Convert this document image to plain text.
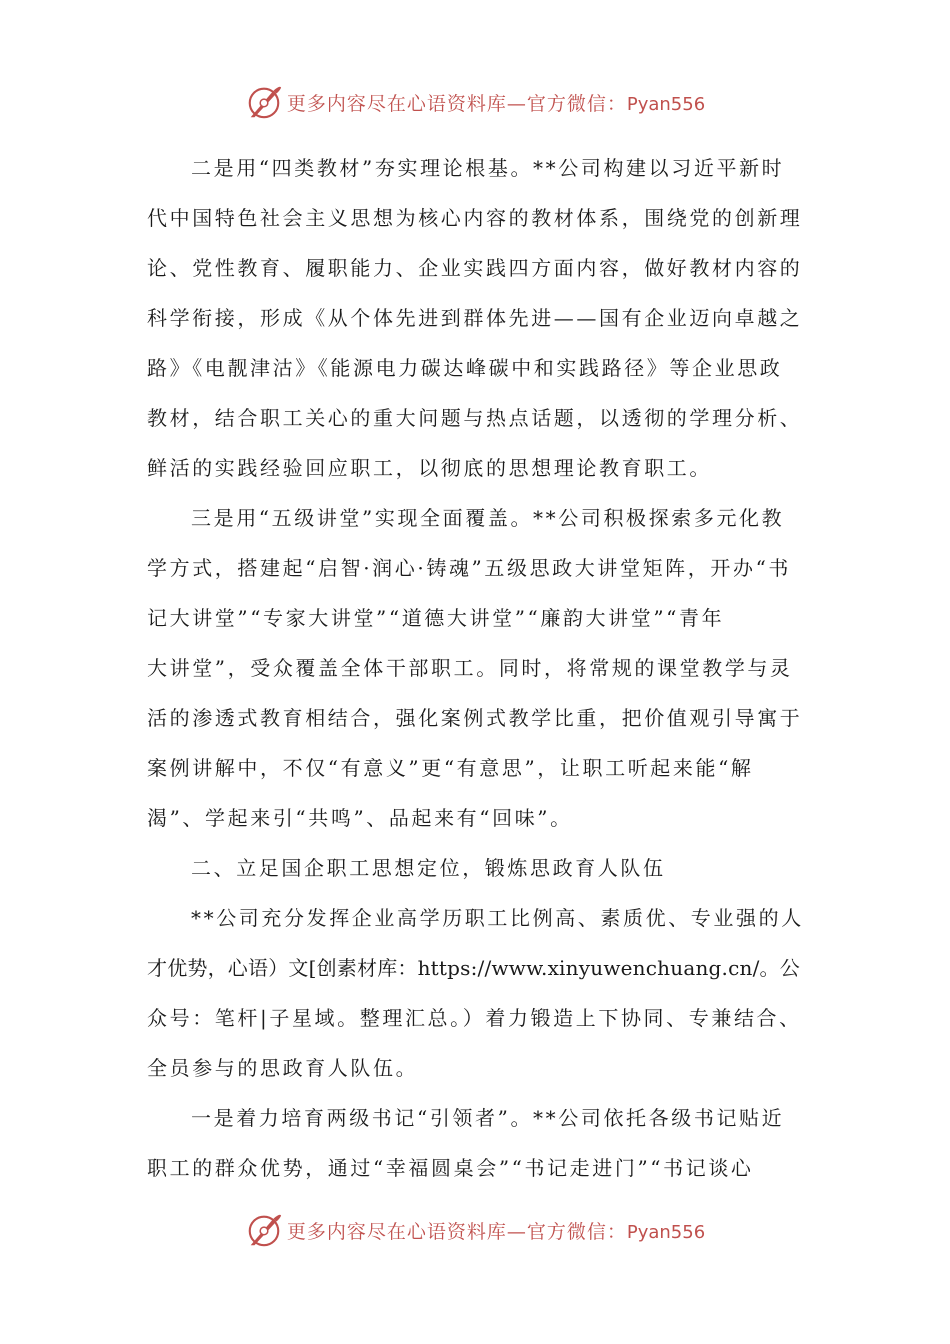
更多内容尽在心语资料库—官方微信：Pyan556
二是用“四类教材”夯实理论根基。**公司构建以习近平新时
代中国特色社会主义思想为核心内容的教材体系，围绕党的创新理
论、党性教育、履职能力、企业实践四方面内容，做好教材内容的
科学衔接，形成《从个体先进到群体先进——国有企业迈向卓越之
路》《电靓津沽》《能源电力碳达峰碳中和实践路径》等企业思政
教材，结合职工关心的重大问题与热点话题，以透彻的学理分析、
鲜活的实践经验回应职工，以彻底的思想理论教育职工。
三是用“五级讲堂”实现全面覆盖。**公司积极探索多元化教
学方式，搭建起“启智·润心·铸魂”五级思政大讲堂矩阵，开办“书
记大讲堂”“专家大讲堂”“道德大讲堂”“廉韵大讲堂”“青年
大讲堂”，受众覆盖全体干部职工。同时，将常规的课堂教学与灵
活的渗透式教育相结合，强化案例式教学比重，把价值观引导寓于
案例讲解中，不仅“有意义”更“有意思”，让职工听起来能“解
渴”、学起来引“共鸣”、品起来有“回味”。
二、立足国企职工思想定位，锻炼思政育人队伍
**公司充分发挥企业高学历职工比例高、素质优、专业强的人
才优势，心语）文[创素材库：https://www.xinyuwenchuang.cn/。公
众号：笔杆|子星域。整理汇总。）着力锻造上下协同、专兼结合、
全员参与的思政育人队伍。
一是着力培育两级书记“引领者”。**公司依托各级书记贴近
职工的群众优势，通过“幸福圆桌会”“书记走进门”“书记谈心
更多内容尽在心语资料库—官方微信：Pyan556
